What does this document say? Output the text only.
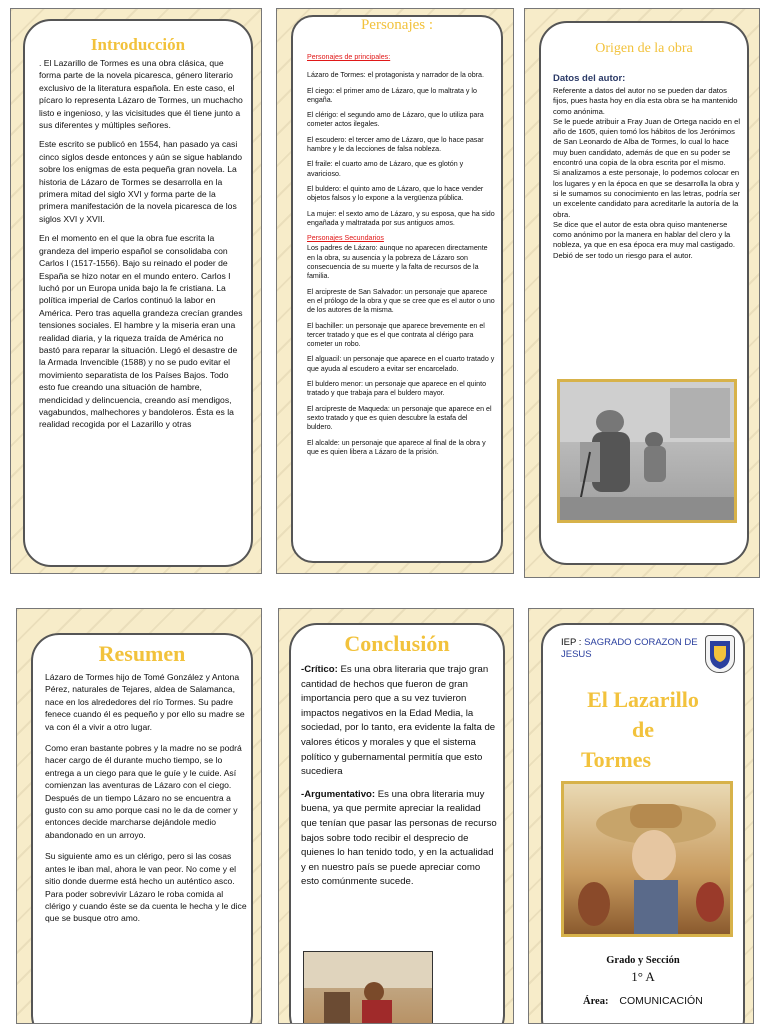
Introducción

. El Lazarillo de Tormes es una obra clásica, que forma parte de la novela picaresca, género literario exclusivo de la literatura española. En este caso, el pícaro lo representa Lázaro de Tormes, un muchacho listo e ingenioso, y las vicisitudes que él tiene junto a sus diferentes y múltiples señores.

Este escrito se publicó en 1554, han pasado ya casi cinco siglos desde entonces y aún se sigue hablando sobre los enigmas de esta pequeña gran novela. La historia de Lázaro de Tormes se desarrolla en la primera mitad del siglo XVI y forma parte de la primera manifestación de la novela picaresca de los siglos XVI y XVII.

En el momento en el que la obra fue escrita la grandeza del imperio español se consolidaba con Carlos I (1517-1556). Bajo su reinado el poder de España se hizo notar en el mundo entero. Carlos I luchó por un Europa unida bajo la fe cristiana. La política imperial de Carlos continuó la labor en América. Pero tras aquella grandeza crecían grandes tensiones sociales. El hambre y la miseria eran una realidad diaria, y la riqueza traída de América no bastó para reparar la situación. Llegó el desastre de la Armada Invencible (1588) y no se pudo evitar el movimiento separatista de los Países Bajos. Todo esto fue creando una situación de hambre, mendicidad y delincuencia, creando así mendigos, vagabundos, malhechores y bandoleros. Ésta es la realidad recogida por el Lazarillo y otras

Personajes :

Personajes de principales:

Lázaro de Tormes: el protagonista y narrador de la obra.

El ciego: el primer amo de Lázaro, que lo maltrata y lo engaña.

El clérigo: el segundo amo de Lázaro, que lo utiliza para cometer actos ilegales.

El escudero: el tercer amo de Lázaro, que lo hace pasar hambre y le da lecciones de falsa nobleza.

El fraile: el cuarto amo de Lázaro, que es glotón y avaricioso.

El buldero: el quinto amo de Lázaro, que lo hace vender objetos falsos y lo expone a la vergüenza pública.

La mujer: el sexto amo de Lázaro, y su esposa, que ha sido engañada y maltratada por sus antiguos amos.

Personajes Secundarios

Los padres de Lázaro: aunque no aparecen directamente en la obra, su ausencia y la pobreza de Lázaro son consecuencia de su muerte y la falta de recursos de la familia.

El arcipreste de San Salvador: un personaje que aparece en el prólogo de la obra y que se cree que es el autor o uno de los autores de la misma.

El bachiller: un personaje que aparece brevemente en el tercer tratado y que es el que contrata al clérigo para cometer un robo.

El alguacil: un personaje que aparece en el cuarto tratado y que ayuda al escudero a evitar ser encarcelado.

El buldero menor: un personaje que aparece en el quinto tratado y que trabaja para el buldero mayor.

El arcipreste de Maqueda: un personaje que aparece en el sexto tratado y que es quien descubre la estafa del buldero.

El alcalde: un personaje que aparece al final de la obra y que es quien libera a Lázaro de la prisión.

Origen de la obra

Datos del autor:

Referente a datos del autor no se pueden dar datos fijos, pues hasta hoy en día esta obra se ha mantenido como anónima.

Se le puede atribuir a Fray Juan de Ortega nacido en el año de 1605, quien tomó los hábitos de los Jerónimos de San Leonardo de Alba de Tormes, lo cual lo hace muy buen candidato, además de que en su poder se encontró una copia de la obra escrita por el mismo.

Si analizamos a este personaje, lo podemos colocar en los lugares y en la época en que se desarrolla la obra y si le sumamos su conocimiento en las letras, podría ser un excelente candidato para acreditarle la autoría de la obra.

Se dice que el autor de esta obra quiso mantenerse como anónimo por la manera en hablar del clero y la nobleza, ya que en esa época era muy mal castigado. Debió de ser todo un riesgo para el autor.

Resumen

Lázaro de Tormes hijo de Tomé González y Antona Pérez, naturales de Tejares, aldea de Salamanca, nace en los alrededores del río Tormes. Su padre fenece cuando él es pequeño y por ello su madre se va con él a vivir a otro lugar.

Como eran bastante pobres y la madre no se podrá hacer cargo de él durante mucho tiempo, se lo entrega a un ciego para que le guíe y le cuide. Así comienzan las aventuras de Lázaro con el ciego. Después de un tiempo Lázaro no se encuentra a gusto con su amo porque casi no le da de comer y entonces decide marcharse dejándole medio abandonado en un arroyo.

Su siguiente amo es un clérigo, pero si las cosas antes le iban mal, ahora le van peor. No come y el sitio donde duerme está hecho un auténtico asco. Para poder sobrevivir Lázaro le roba comida al clérigo y cuando éste se da cuenta le hecha y le dice que se busque otro amo.

Conclusión

-Crítico: Es una obra literaria que trajo gran cantidad de hechos que fueron de gran importancia pero que a su vez tuvieron impactos negativos en la Edad Media, la sociedad, por lo tanto, era evidente la falta de valores éticos y morales y que el sistema político y gubernamental permitía que esto sucediera

-Argumentativo: Es una obra literaria muy buena, ya que permite apreciar la realidad que tenían que pasar las personas de recurso bajos sobre todo recibir el desprecio de quienes lo han tenido todo, y en la actualidad y en nuestro país se puede apreciar como esto comúnmente sucede.

IEP : SAGRADO CORAZON DE JESUS
El Lazarillo
de
Tormes
Grado y Sección
1° A
Área: COMUNICACIÓN
